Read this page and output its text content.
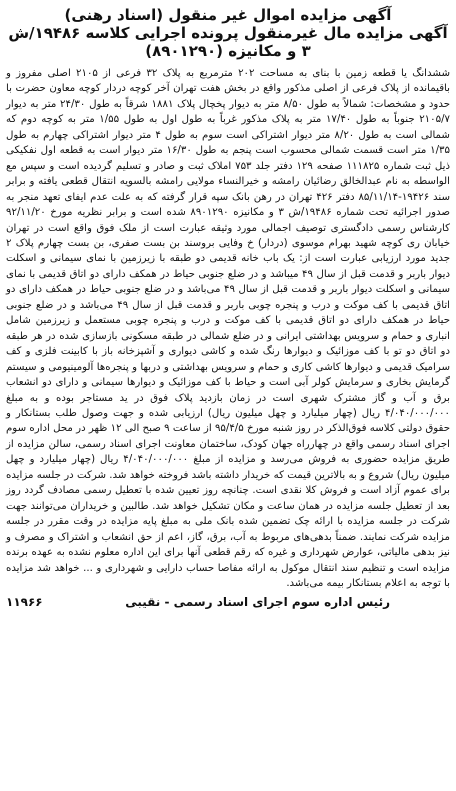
آگهی مزایده اموال غیر منقول (اسناد رهنی)
آگهی مزایده مال غیرمنقول پرونده اجرایی کلاسه ۱۹۴۸۶/ش ۳ و مکانیزه (۸۹۰۱۲۹۰)

ششدانگ یا قطعه زمین با بنای به مساحت ۲۰۲ مترمربع به پلاک ۳۲ فرعی از ۲۱۰۵ اصلی مفروز و باقیمانده از پلاک فرعی از اصلی مذکور واقع در بخش هفت تهران آخر کوچه دردار کوچه معاون حضرت با حدود و مشخصات: شمالاً به طول ۸/۵۰ متر به دیوار پخچال پلاک ۱۸۸۱ شرقاً به طول ۲۴/۳۰ متر به دیوار ۲۱۰۵/۷ جنوباً به طول ۱۷/۴۰ متر به پلاک مذکور غرباً به طول اول به طول ۱/۵۵ متر به کوچه دوم که شمالی است به طول ۸/۲۰ متر دیوار اشتراکی است سوم به طول ۴ متر دیوار اشتراکی چهارم به طول ۱/۳۵ متر است قسمت شمالی محسوب است پنجم به طول ۱۶/۳۰ متر دیوار است به قطعه اول نفکیکی ذیل ثبت شماره ۱۱۱۸۲۵ صفحه ۱۲۹ دفتر جلد ۷۵۳ املاک ثبت و صادر و تسلیم گردیده است و سپس مع الواسطه به نام عبدالخالق رضائیان رامشه و خیرالنساء مولایی رامشه بالسویه انتقال قطعی یافته و برابر سند ۱۹۴۲۶-۸۵/۱۱/۱۴ دفتر ۴۲۶ تهران در رهن بانک سپه قرار گرفته که به علت عدم ایفای تعهد منجر به صدور اجرائیه تحت شماره ۱۹۴۸۶/ش ۳ و مکانیزه ۸۹۰۱۲۹۰ شده است و برابر نظریه مورخ ۹۲/۱۱/۲۰ کارشناس رسمی دادگستری توصیف اجمالی مورد وثیقه عبارت است از ملک فوق واقع است در تهران خیابان ری کوچه شهید بهرام موسوی (دردار) خ وفایی بروسند بن بست صفری، بن بست چهارم پلاک ۲ جدید مورد ارزیابی عبارت است از: یک باب خانه قدیمی دو طبقه با زیرزمین با نمای سیمانی و اسکلت دیوار باربر و قدمت قبل از سال ۴۹ میباشد و در ضلع جنوبی حیاط در همکف دارای دو اتاق قدیمی با نمای سیمانی و اسکلت دیوار باربر و قدمت قبل از سال ۴۹ می‌باشد و در ضلع جنوبی حیاط در همکف دارای دو اتاق قدیمی با کف موکت و درب و پنجره چوبی باربر و قدمت قبل از سال ۴۹ می‌باشد و در ضلع جنوبی حیاط در همکف دارای دو اتاق قدیمی با کف موکت و درب و پنجره چوبی مستعمل و زیرزمین شامل انباری و حمام و سرویس بهداشتی ایرانی و در ضلع شمالی در طبقه مسکونی بازسازی شده در هر طبقه دو اتاق دو تو با کف موزائیک و دیوارها رنگ شده و کاشی دیواری و آشپزخانه باز با کابینت فلزی و کف سرامیک قدیمی و دیوارها کاشی کاری و حمام و سرویس بهداشتی و دربها و پنجره‌ها آلومینیومی و سیستم گرمایش بخاری و سرمایش کولر آبی است و حیاط با کف موزائیک و دیوارها سیمانی و دارای دو انشعاب برق و آب و گاز مشترک شهری است در زمان بازدید پلاک فوق در ید مستاجر بوده و به مبلغ ۴/۰۴۰/۰۰۰/۰۰۰ ریال (چهار میلیارد و چهل میلیون ریال) ارزیابی شده و جهت وصول طلب بستانکار و حقوق دولتی کلاسه فوق‌الذکر در روز شنبه مورخ ۹۵/۴/۵ از ساعت ۹ صبح الی ۱۲ ظهر در محل اداره سوم اجرای اسناد رسمی واقع در چهارراه جهان کودک، ساختمان معاونت اجرای اسناد رسمی، سالن مزایده از طریق مزایده حضوری به فروش می‌رسد و مزایده از مبلغ ۴/۰۴۰/۰۰۰/۰۰۰ ریال (چهار میلیارد و چهل میلیون ریال) شروع و به بالاترین قیمت که خریدار داشته باشد فروخته خواهد شد. شرکت در جلسه مزایده برای عموم آزاد است و فروش کلا نقدی است. چنانچه روز تعیین شده با تعطیل رسمی مصادف گردد روز بعد از تعطیل جلسه مزایده در همان ساعت و مکان تشکیل خواهد شد. طالبین و خریداران می‌توانند جهت شرکت در جلسه مزایده با ارائه چک تضمین شده بانک ملی به مبلغ پایه مزایده در وقت مقرر در جلسه مزایده شرکت نمایند. ضمناً بدهی‌های مربوط به آب، برق، گاز، اعم از حق انشعاب و اشتراک و مصرف و نیز بدهی مالیاتی، عوارض شهرداری و غیره که رقم قطعی آنها برای این اداره معلوم نشده به عهده برنده مزایده است و تنظیم سند انتقال موکول به ارائه مفاصا حساب دارایی و شهرداری و ... خواهد شد مزایده با توجه به اعلام بستانکار بیمه می‌باشد.

رئیس اداره سوم اجرای اسناد رسمی - نقیبی
۱۱۹۶۶
